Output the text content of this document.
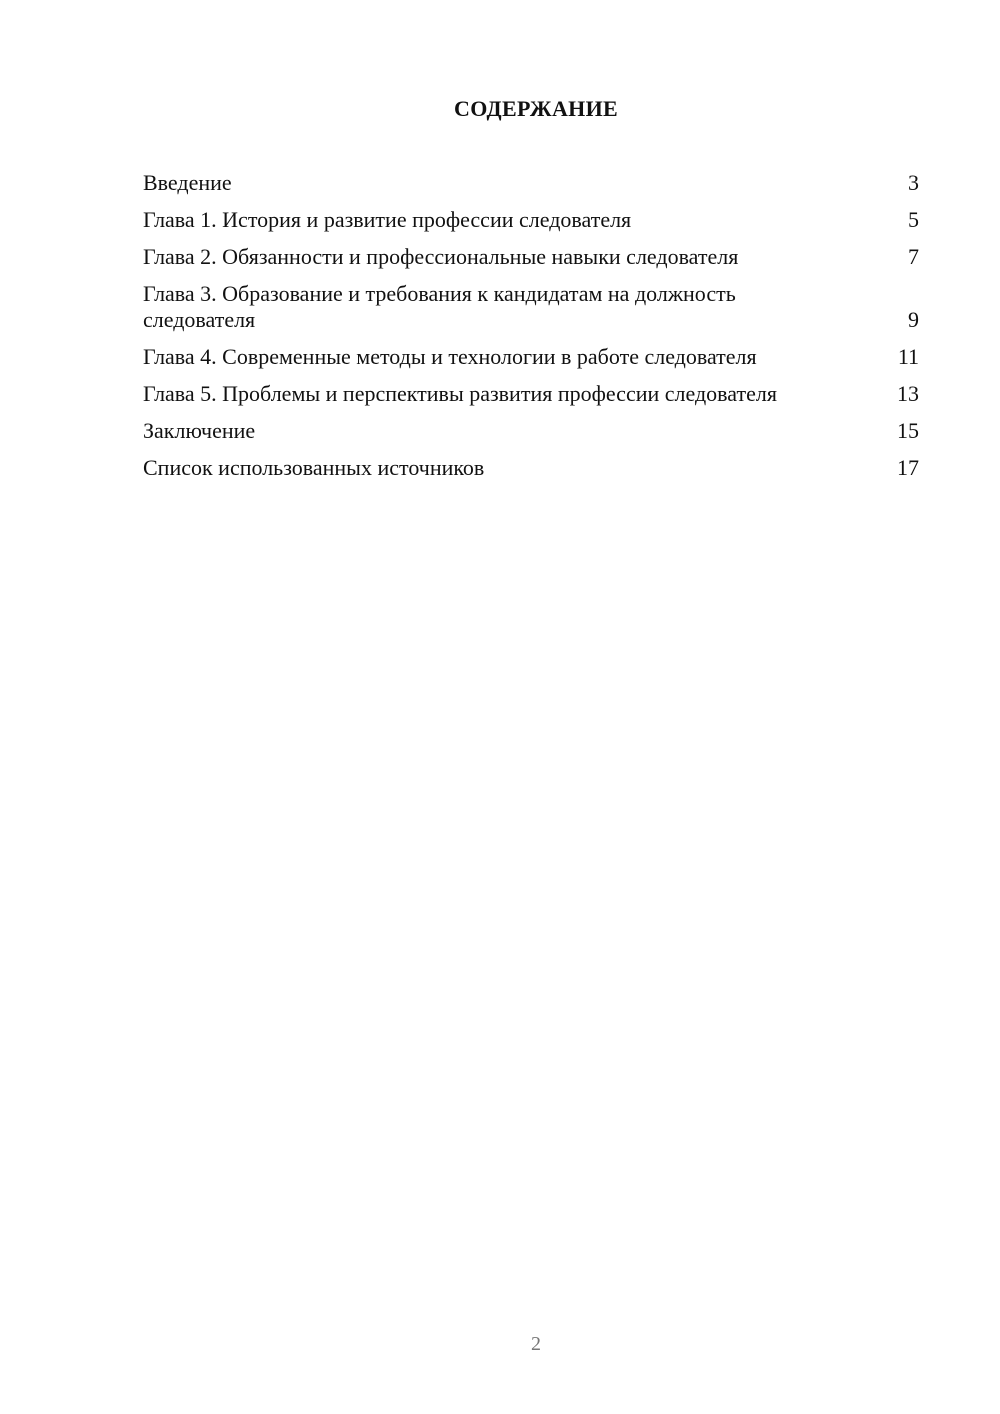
СОДЕРЖАНИЕ
Введение	3
Глава 1. История и развитие профессии следователя	5
Глава 2. Обязанности и профессиональные навыки следователя	7
Глава 3. Образование и требования к кандидатам на должность следователя	9
Глава 4. Современные методы и технологии в работе следователя	11
Глава 5. Проблемы и перспективы развития профессии следователя	13
Заключение	15
Список использованных источников	17
2
